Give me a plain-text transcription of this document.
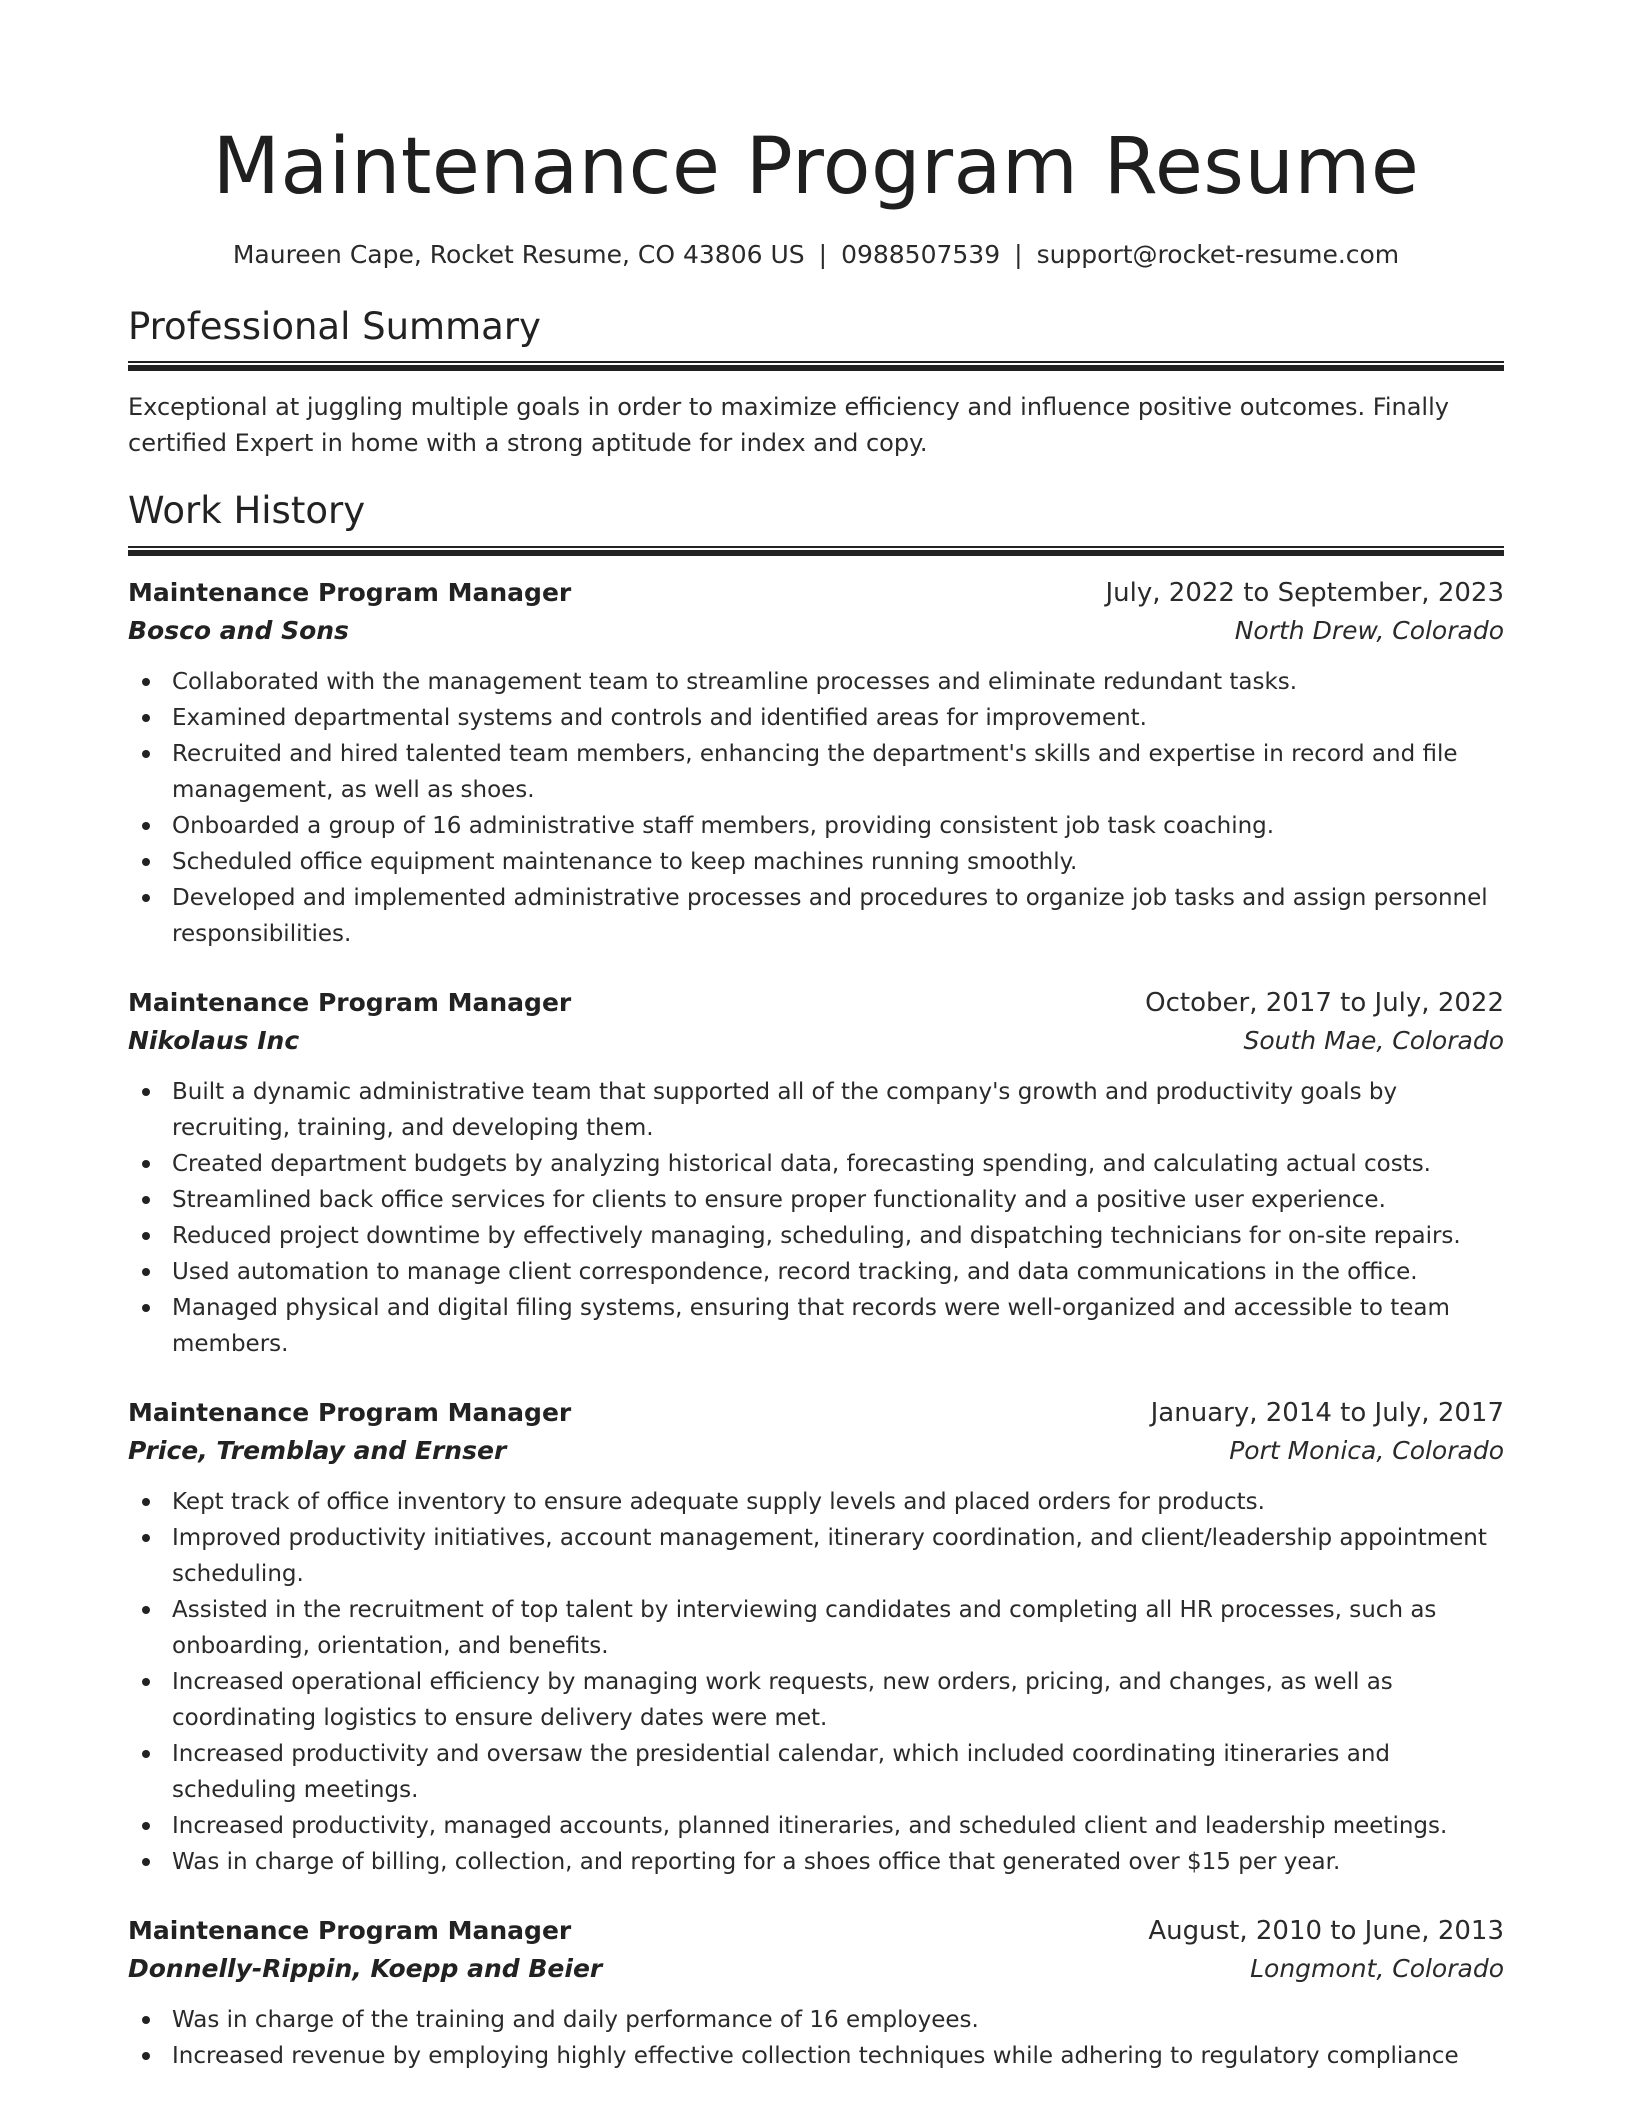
Maintenance Program Resume
Maureen Cape, Rocket Resume, CO 43806 US | 0988507539 | support@rocket-resume.com
Professional Summary

Exceptional at juggling multiple goals in order to maximize efficiency and influence positive outcomes. Finally certified Expert in home with a strong aptitude for index and copy.

Work History
Maintenance Program Manager	July, 2022 to September, 2023
Bosco and Sons	North Drew, Colorado
Collaborated with the management team to streamline processes and eliminate redundant tasks.
Examined departmental systems and controls and identified areas for improvement.
Recruited and hired talented team members, enhancing the department's skills and expertise in record and file management, as well as shoes.
Onboarded a group of 16 administrative staff members, providing consistent job task coaching.
Scheduled office equipment maintenance to keep machines running smoothly.
Developed and implemented administrative processes and procedures to organize job tasks and assign personnel responsibilities.
Maintenance Program Manager	October, 2017 to July, 2022
Nikolaus Inc	South Mae, Colorado
Built a dynamic administrative team that supported all of the company's growth and productivity goals by recruiting, training, and developing them.
Created department budgets by analyzing historical data, forecasting spending, and calculating actual costs.
Streamlined back office services for clients to ensure proper functionality and a positive user experience.
Reduced project downtime by effectively managing, scheduling, and dispatching technicians for on-site repairs.
Used automation to manage client correspondence, record tracking, and data communications in the office.
Managed physical and digital filing systems, ensuring that records were well-organized and accessible to team members.
Maintenance Program Manager	January, 2014 to July, 2017
Price, Tremblay and Ernser	Port Monica, Colorado
Kept track of office inventory to ensure adequate supply levels and placed orders for products.
Improved productivity initiatives, account management, itinerary coordination, and client/leadership appointment scheduling.
Assisted in the recruitment of top talent by interviewing candidates and completing all HR processes, such as onboarding, orientation, and benefits.
Increased operational efficiency by managing work requests, new orders, pricing, and changes, as well as coordinating logistics to ensure delivery dates were met.
Increased productivity and oversaw the presidential calendar, which included coordinating itineraries and scheduling meetings.
Increased productivity, managed accounts, planned itineraries, and scheduled client and leadership meetings.
Was in charge of billing, collection, and reporting for a shoes office that generated over $15 per year.
Maintenance Program Manager	August, 2010 to June, 2013
Donnelly-Rippin, Koepp and Beier	Longmont, Colorado
Was in charge of the training and daily performance of 16 employees.
Increased revenue by employing highly effective collection techniques while adhering to regulatory compliance
